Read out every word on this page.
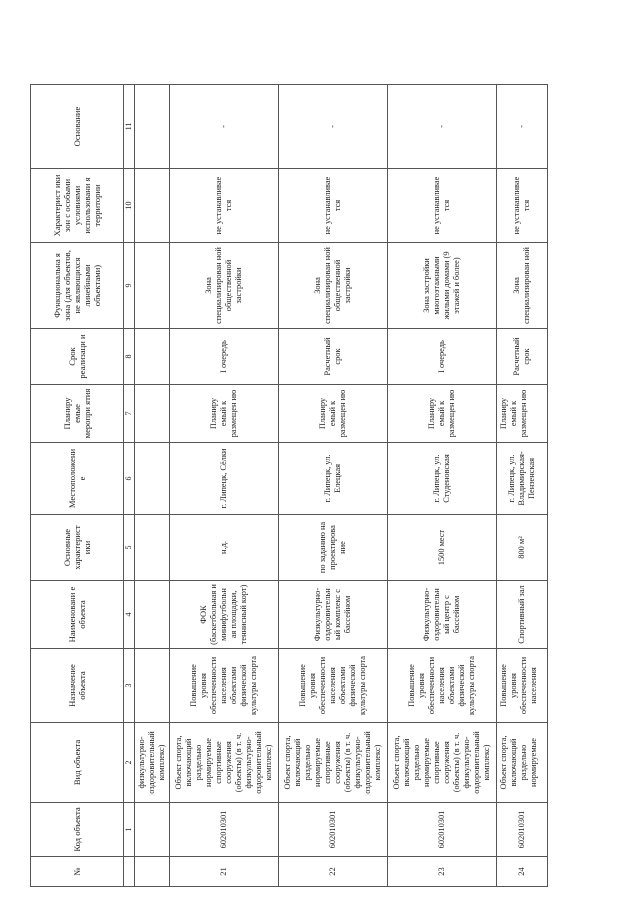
№	Код объекта	Вид объекта	Назначение объекта	Наименовани е объекта	Основные характерист ики	Местоположени е	Планиру емые меропри ятия	Срок реализаци и	Функциональна я зона (для объектов, не являющихся линейными объектами)	Характерист ики зон с особыми условиями использовани я территории	Основание
	1	2	3	4	5	6	7	8	9	10	11
		физкультурно- оздоровительный комплекс)									
21	602010301	Объект спорта, включающий раздельно нормируемые спортивные сооружения (объекты) (в т. ч. физкультурно- оздоровительный комплекс)	Повышение уровня обеспеченности населения объектами физической культуры спорта	ФОК (баскетбольная и минифутбольн ая площадки, теннисный корт)	н.д.	г. Липецк, Сёлки	Планиру емый к размещен ию	I очередь	Зона специализирован ной общественной застройки	не устанавливае тся	-
22	602010301	Объект спорта, включающий раздельно нормируемые спортивные сооружения (объекты) (в т. ч. физкультурно- оздоровительный комплекс)	Повышение уровня обеспеченности населения объектами физической культуры спорта	Физкультурно- оздоровительн ый комплекс с бассейном	по заданию на проектирова ние	г. Липецк, ул. Елецкая	Планиру емый к размещен ию	Расчетный срок	Зона специализирован ной общественной застройки	не устанавливае тся	-
23	602010301	Объект спорта, включающий раздельно нормируемые спортивные сооружения (объекты) (в т. ч. физкультурно- оздоровительный комплекс)	Повышение уровня обеспеченности населения объектами физической культуры спорта	Физкультурно- оздоровительн ый центр с бассейном	1500 мест	г. Липецк, ул. Студеновская	Планиру емый к размещен ию	I очередь	Зона застройки многоэтажными жилыми домами (9 этажей и более)	не устанавливае тся	-
24	602010301	Объект спорта, включающий раздельно нормируемые	Повышение уровня обеспеченности населения	Спортивный зал	800 м²	г. Липецк, ул. Владимирская- Пензенская	Планиру емый к размещен ию	Расчетный срок	Зона специализирован ной	не устанавливае тся	-
